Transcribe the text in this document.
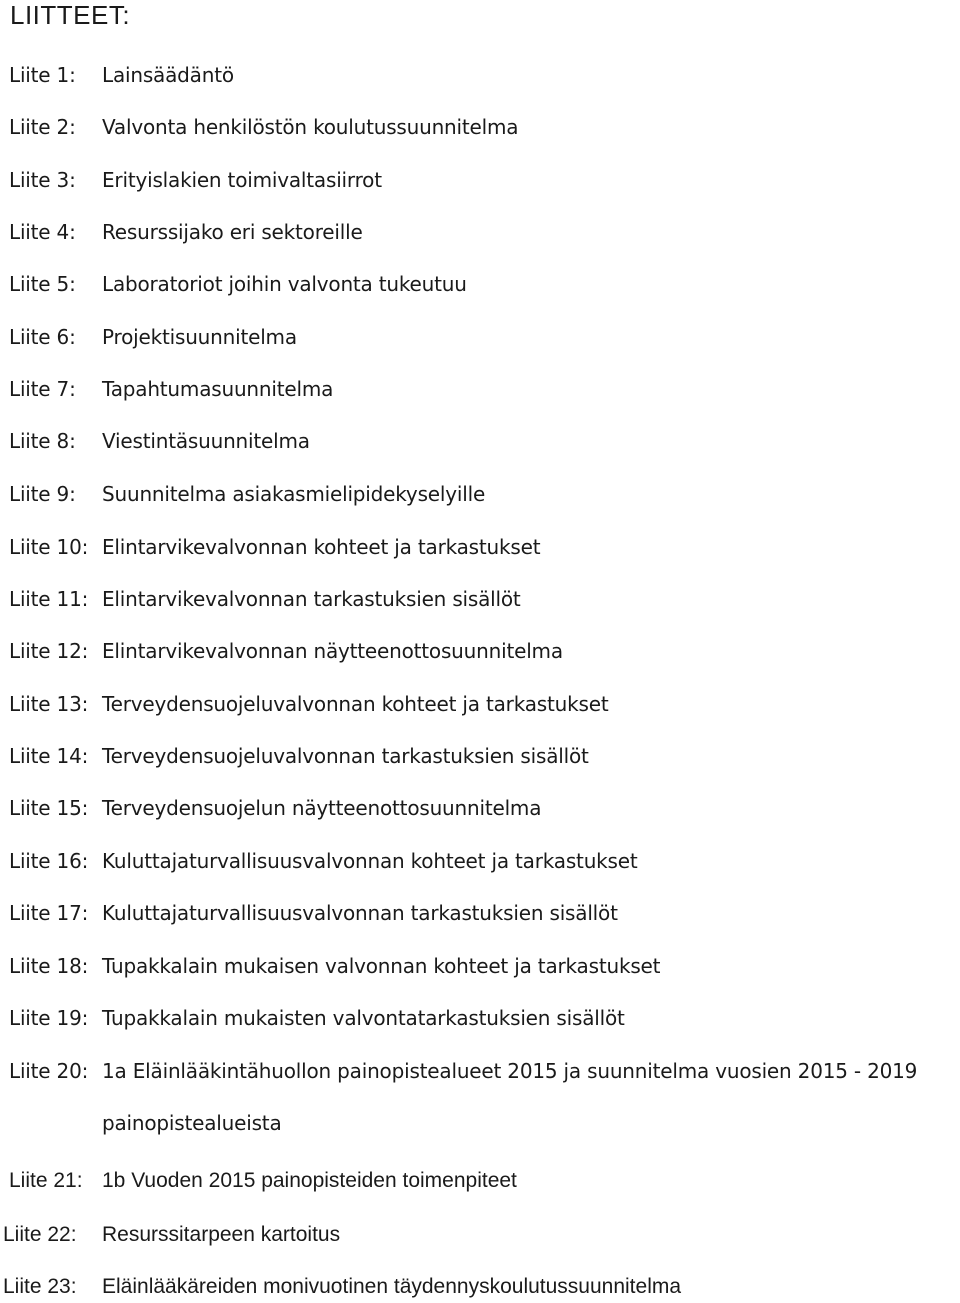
LIITTEET:
Liite 1: Lainsäädäntö
Liite 2: Valvonta henkilöstön koulutussuunnitelma
Liite 3: Erityislakien toimivaltasiirrot
Liite 4: Resurssijako eri sektoreille
Liite 5: Laboratoriot joihin valvonta tukeutuu
Liite 6: Projektisuunnitelma
Liite 7: Tapahtumasuunnitelma
Liite 8: Viestintäsuunnitelma
Liite 9: Suunnitelma asiakasmielipidekyselyille
Liite 10: Elintarvikevalvonnan kohteet ja tarkastukset
Liite 11: Elintarvikevalvonnan tarkastuksien sisällöt
Liite 12: Elintarvikevalvonnan näytteenottosuunnitelma
Liite 13: Terveydensuojeluvalvonnan kohteet ja tarkastukset
Liite 14: Terveydensuojeluvalvonnan tarkastuksien sisällöt
Liite 15: Terveydensuojelun näytteenottosuunnitelma
Liite 16: Kuluttajaturvallisuusvalvonnan kohteet ja tarkastukset
Liite 17: Kuluttajaturvallisuusvalvonnan tarkastuksien sisällöt
Liite 18: Tupakkalain mukaisen valvonnan kohteet ja tarkastukset
Liite 19: Tupakkalain mukaisten valvontatarkastuksien sisällöt
Liite 20: 1a Eläinlääkintähuollon painopistealueet 2015 ja suunnitelma vuosien 2015 - 2019
painopistealueista
Liite 21: 1b Vuoden 2015 painopisteiden toimenpiteet
Liite 22: Resurssitarpeen kartoitus
Liite 23: Eläinlääkäreiden monivuotinen täydennyskoulutussuunnitelma
